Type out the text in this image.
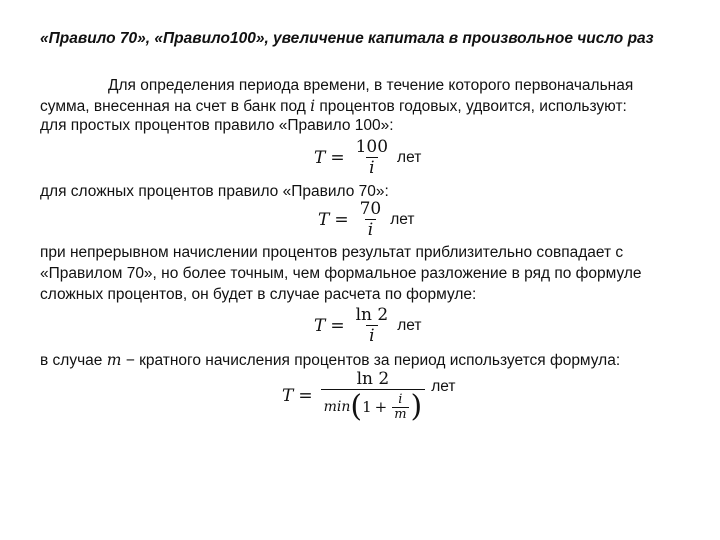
«Правило 70», «Правило100», увеличение капитала в произвольное число раз
Для определения периода времени, в течение которого первоначальная
сумма, внесенная на счет в банк под i процентов годовых, удвоится, используют:
для простых процентов правило «Правило 100»:
$T = \frac{100}{i}$ лет
для сложных процентов правило «Правило 70»:
$T = \frac{70}{i}$ лет
при непрерывном начислении процентов результат приблизительно совпадает с
«Правилом 70», но более точным, чем формальное разложение в ряд по формуле
сложных процентов, он будет в случае расчета по формуле:
$T = \frac{\ln 2}{i}$ лет
в случае m − кратного начисления процентов за период используется формула:
T =
ln 2
min ( $1 + \frac{i}{m}$ )
лет
